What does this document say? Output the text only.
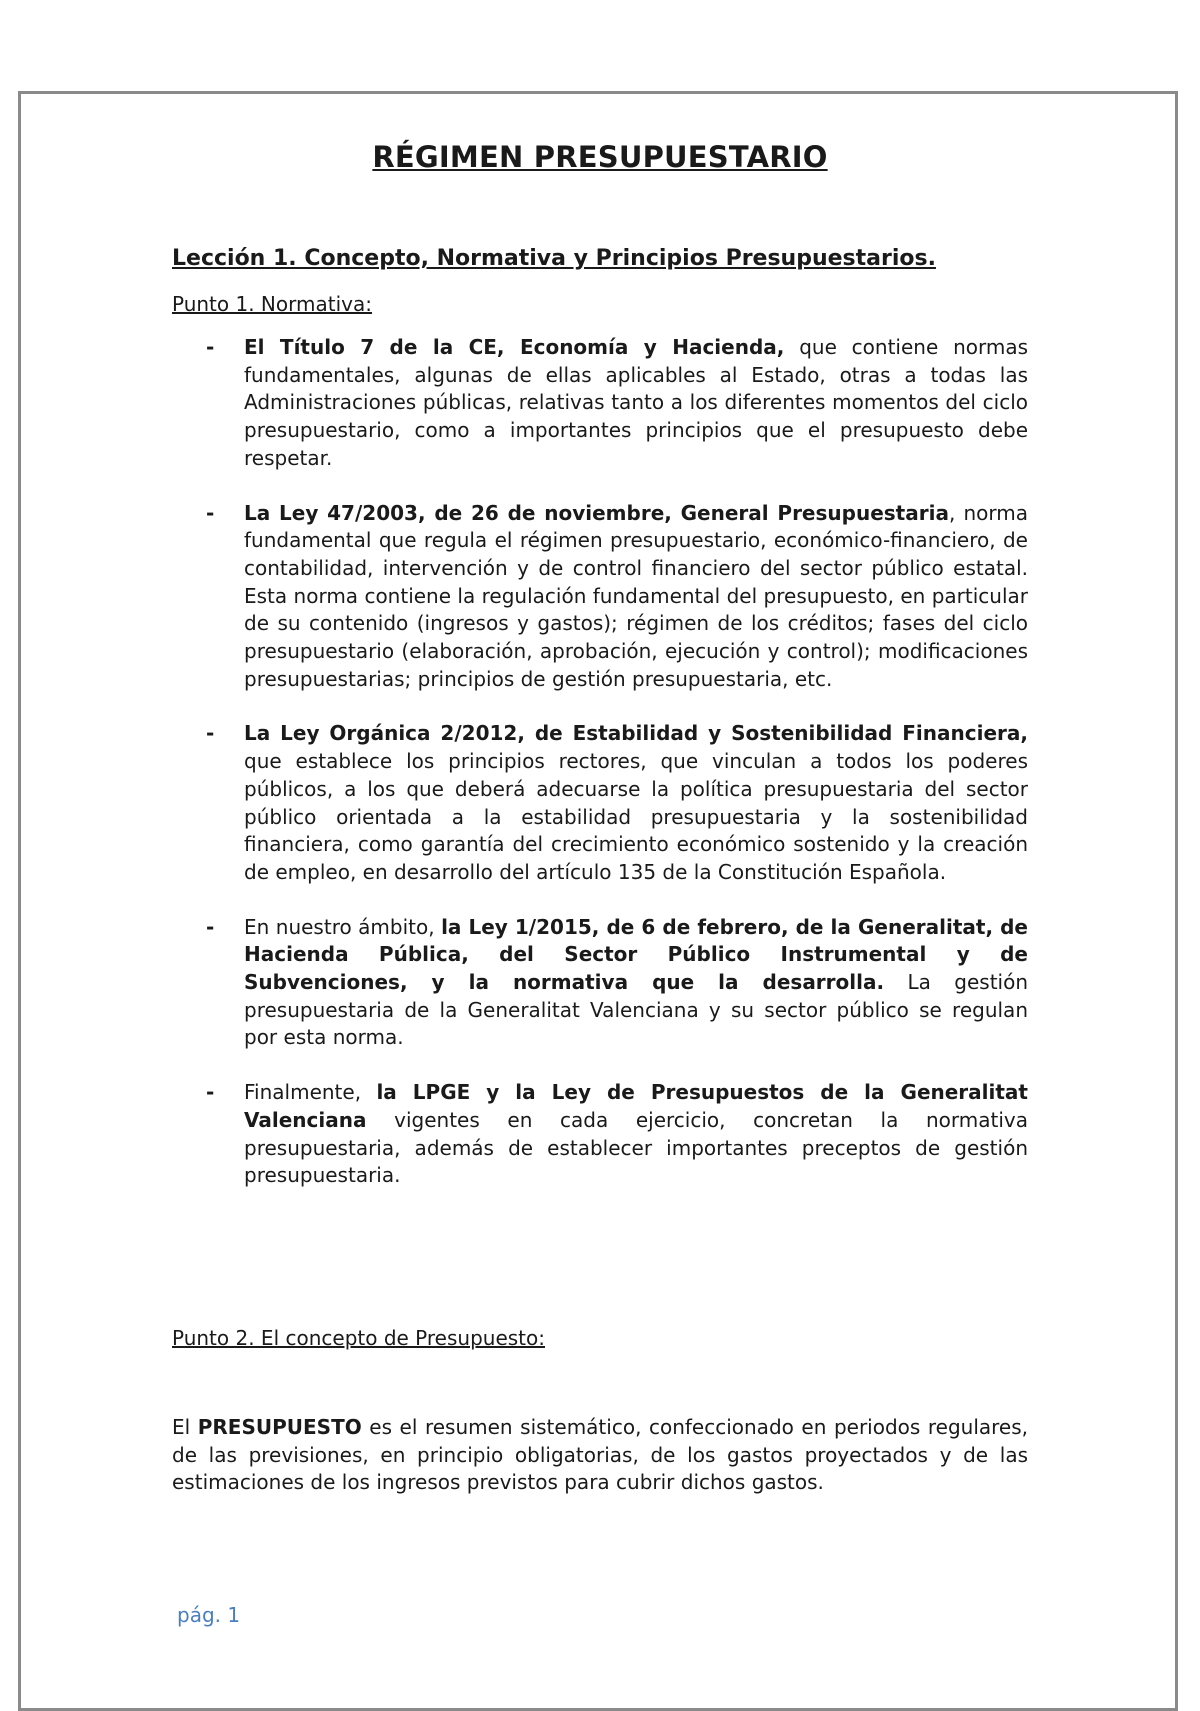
RÉGIMEN PRESUPUESTARIO
Lección 1. Concepto, Normativa y Principios Presupuestarios.

Punto 1. Normativa:

- El Título 7 de la CE, Economía y Hacienda, que contiene normas fundamentales, algunas de ellas aplicables al Estado, otras a todas las Administraciones públicas, relativas tanto a los diferentes momentos del ciclo presupuestario, como a importantes principios que el presupuesto debe respetar.
- La Ley 47/2003, de 26 de noviembre, General Presupuestaria, norma fundamental que regula el régimen presupuestario, económico-financiero, de contabilidad, intervención y de control financiero del sector público estatal. Esta norma contiene la regulación fundamental del presupuesto, en particular de su contenido (ingresos y gastos); régimen de los créditos; fases del ciclo presupuestario (elaboración, aprobación, ejecución y control); modificaciones presupuestarias; principios de gestión presupuestaria, etc.
- La Ley Orgánica 2/2012, de Estabilidad y Sostenibilidad Financiera, que establece los principios rectores, que vinculan a todos los poderes públicos, a los que deberá adecuarse la política presupuestaria del sector público orientada a la estabilidad presupuestaria y la sostenibilidad financiera, como garantía del crecimiento económico sostenido y la creación de empleo, en desarrollo del artículo 135 de la Constitución Española.
- En nuestro ámbito, la Ley 1/2015, de 6 de febrero, de la Generalitat, de Hacienda Pública, del Sector Público Instrumental y de Subvenciones, y la normativa que la desarrolla. La gestión presupuestaria de la Generalitat Valenciana y su sector público se regulan por esta norma.
- Finalmente, la LPGE y la Ley de Presupuestos de la Generalitat Valenciana vigentes en cada ejercicio, concretan la normativa presupuestaria, además de establecer importantes preceptos de gestión presupuestaria.

Punto 2. El concepto de Presupuesto:

El PRESUPUESTO es el resumen sistemático, confeccionado en periodos regulares, de las previsiones, en principio obligatorias, de los gastos proyectados y de las estimaciones de los ingresos previstos para cubrir dichos gastos.

pág. 1
